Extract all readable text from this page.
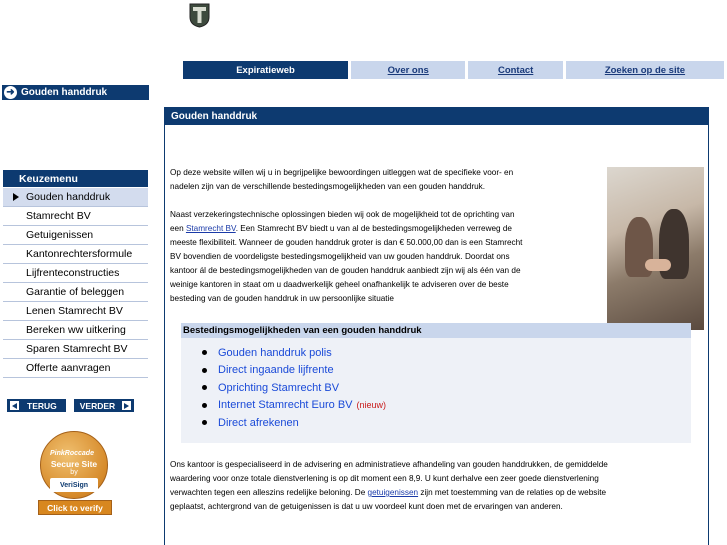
Expiratieweb	Over ons	Contact	Zoeken op de site
➜ Gouden handdruk
Keuzemenu
Gouden handdruk
Stamrecht BV
Getuigenissen
Kantonrechtersformule
Lijfrenteconstructies
Garantie of beleggen
Lenen Stamrecht BV
Bereken ww uitkering
Sparen Stamrecht BV
Offerte aanvragen
TERUG	VERDER
PinkRoccade
Secure Site
by
VeriSign
Click to verify
Gouden handdruk
Op deze website willen wij u in begrijpelijke bewoordingen uitleggen wat de specifieke voor- en
nadelen zijn van de verschillende bestedingsmogelijkheden van een gouden handdruk.
Naast verzekeringstechnische oplossingen bieden wij ook de mogelijkheid tot de oprichting van
een Stamrecht BV. Een Stamrecht BV biedt u van al de bestedingsmogelijkheden verreweg de
meeste flexibiliteit. Wanneer de gouden handdruk groter is dan € 50.000,00 dan is een Stamrecht
BV bovendien de voordeligste bestedingsmogelijkheid van uw gouden handdruk. Doordat ons
kantoor ál de bestedingsmogelijkheden van de gouden handdruk aanbiedt zijn wij als één van de
weinige kantoren in staat om u daadwerkelijk geheel onafhankelijk te adviseren over de beste
besteding van de gouden handdruk in uw persoonlijke situatie
Bestedingsmogelijkheden van een gouden handdruk
Gouden handdruk polis
Direct ingaande lijfrente
Oprichting Stamrecht BV
Internet Stamrecht Euro BV (nieuw)
Direct afrekenen
Ons kantoor is gespecialiseerd in de advisering en administratieve afhandeling van gouden handdrukken, de gemiddelde
waardering voor onze totale dienstverlening is op dit moment een 8,9. U kunt derhalve een zeer goede dienstverlening
verwachten tegen een alleszins redelijke beloning. De getuigenissen zijn met toestemming van de relaties op de website
geplaatst, achtergrond van de getuigenissen is dat u uw voordeel kunt doen met de ervaringen van anderen.
